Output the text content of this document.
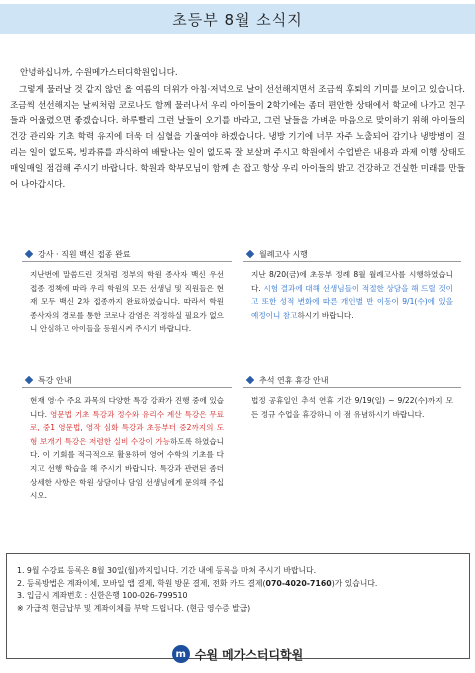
초등부 8월 소식지

안녕하십니까, 수원메가스터디학원입니다.

그렇게 물러날 것 같지 않던 올 여름의 더위가 아침·저녁으로 날이 선선해지면서 조금씩 후퇴의 기미를 보이고 있습니다. 조금씩 선선해지는 날씨처럼 코로나도 함께 물러나서 우리 아이들이 2학기에는 좀더 편안한 상태에서 학교에 나가고 친구들과 어울렸으면 좋겠습니다. 하루빨리 그런 날들이 오기를 바라고, 그런 날들을 가벼운 마음으로 맞이하기 위해 아이들의 건강 관리와 기초 학력 유지에 더욱 더 심혈을 기울여야 하겠습니다. 냉방 기기에 너무 자주 노출되어 감기나 냉방병이 걸리는 일이 없도록, 빙과류를 과식하여 배탈나는 일이 없도록 잘 보살펴 주시고 학원에서 수업받은 내용과 과제 이행 상태도 매일매일 점검해 주시기 바랍니다. 학원과 학부모님이 함께 손 잡고 항상 우리 아이들의 밝고 건강하고 건실한 미래를 만들어 나아갑시다.

강사 · 직원 백신 접종 완료
지난번에 말씀드린 것처럼 정부의 학원 종사자 백신 우선 접종 정책에 따라 우리 학원의 모든 선생님 및 직원들은 현재 모두 백신 2차 접종까지 완료하였습니다. 따라서 학원 종사자의 경로를 통한 코로나 감염은 걱정하실 필요가 없으니 안심하고 아이들을 등원시켜 주시기 바랍니다.
월례고사 시행
지난 8/20(금)에 초등부 정례 8월 월례고사를 시행하였습니다. 시험 결과에 대해 선생님들이 적절한 상담을 해 드릴 것이고 또한 성적 변화에 따른 개인별 반 이동이 9/1(수)에 있을 예정이니 참고하시기 바랍니다.
특강 안내
현재 영·수 주요 과목의 다양한 특강 강좌가 진행 중에 있습니다. 영문법 기초 특강과 정수와 유리수 계산 특강은 무료로, 중1 영문법, 영작 심화 특강과 초등부터 중2까지의 도형 보개기 특강은 저렴한 실비 수강이 가능하도록 하였습니다. 이 기회를 적극적으로 활용하여 영어 수학의 기초를 다지고 선행 학습을 해 주시기 바랍니다. 특강과 관련된 좀더 상세한 사항은 학원 상담이나 담임 선생님에게 문의해 주십시오.
추석 연휴 휴강 안내
법정 공휴일인 추석 연휴 기간 9/19(일) ~ 9/22(수)까지 모든 정규 수업을 휴강하니 이 점 유념하시기 바랍니다.
1. 9월 수강료 등록은 8월 30일(월)까지입니다. 기간 내에 등록을 마쳐 주시기 바랍니다.
2. 등록방법은 계좌이체, 모바일 앱 결제, 학원 방문 결제, 전화 카드 결제(070-4020-7160)가 있습니다.
3. 입금시 계좌번호 : 신한은행 100-026-799510
※ 가급적 현금납부 및 계좌이체를 부탁 드립니다. (현금 영수증 발급)
m 수원 메가스터디학원
